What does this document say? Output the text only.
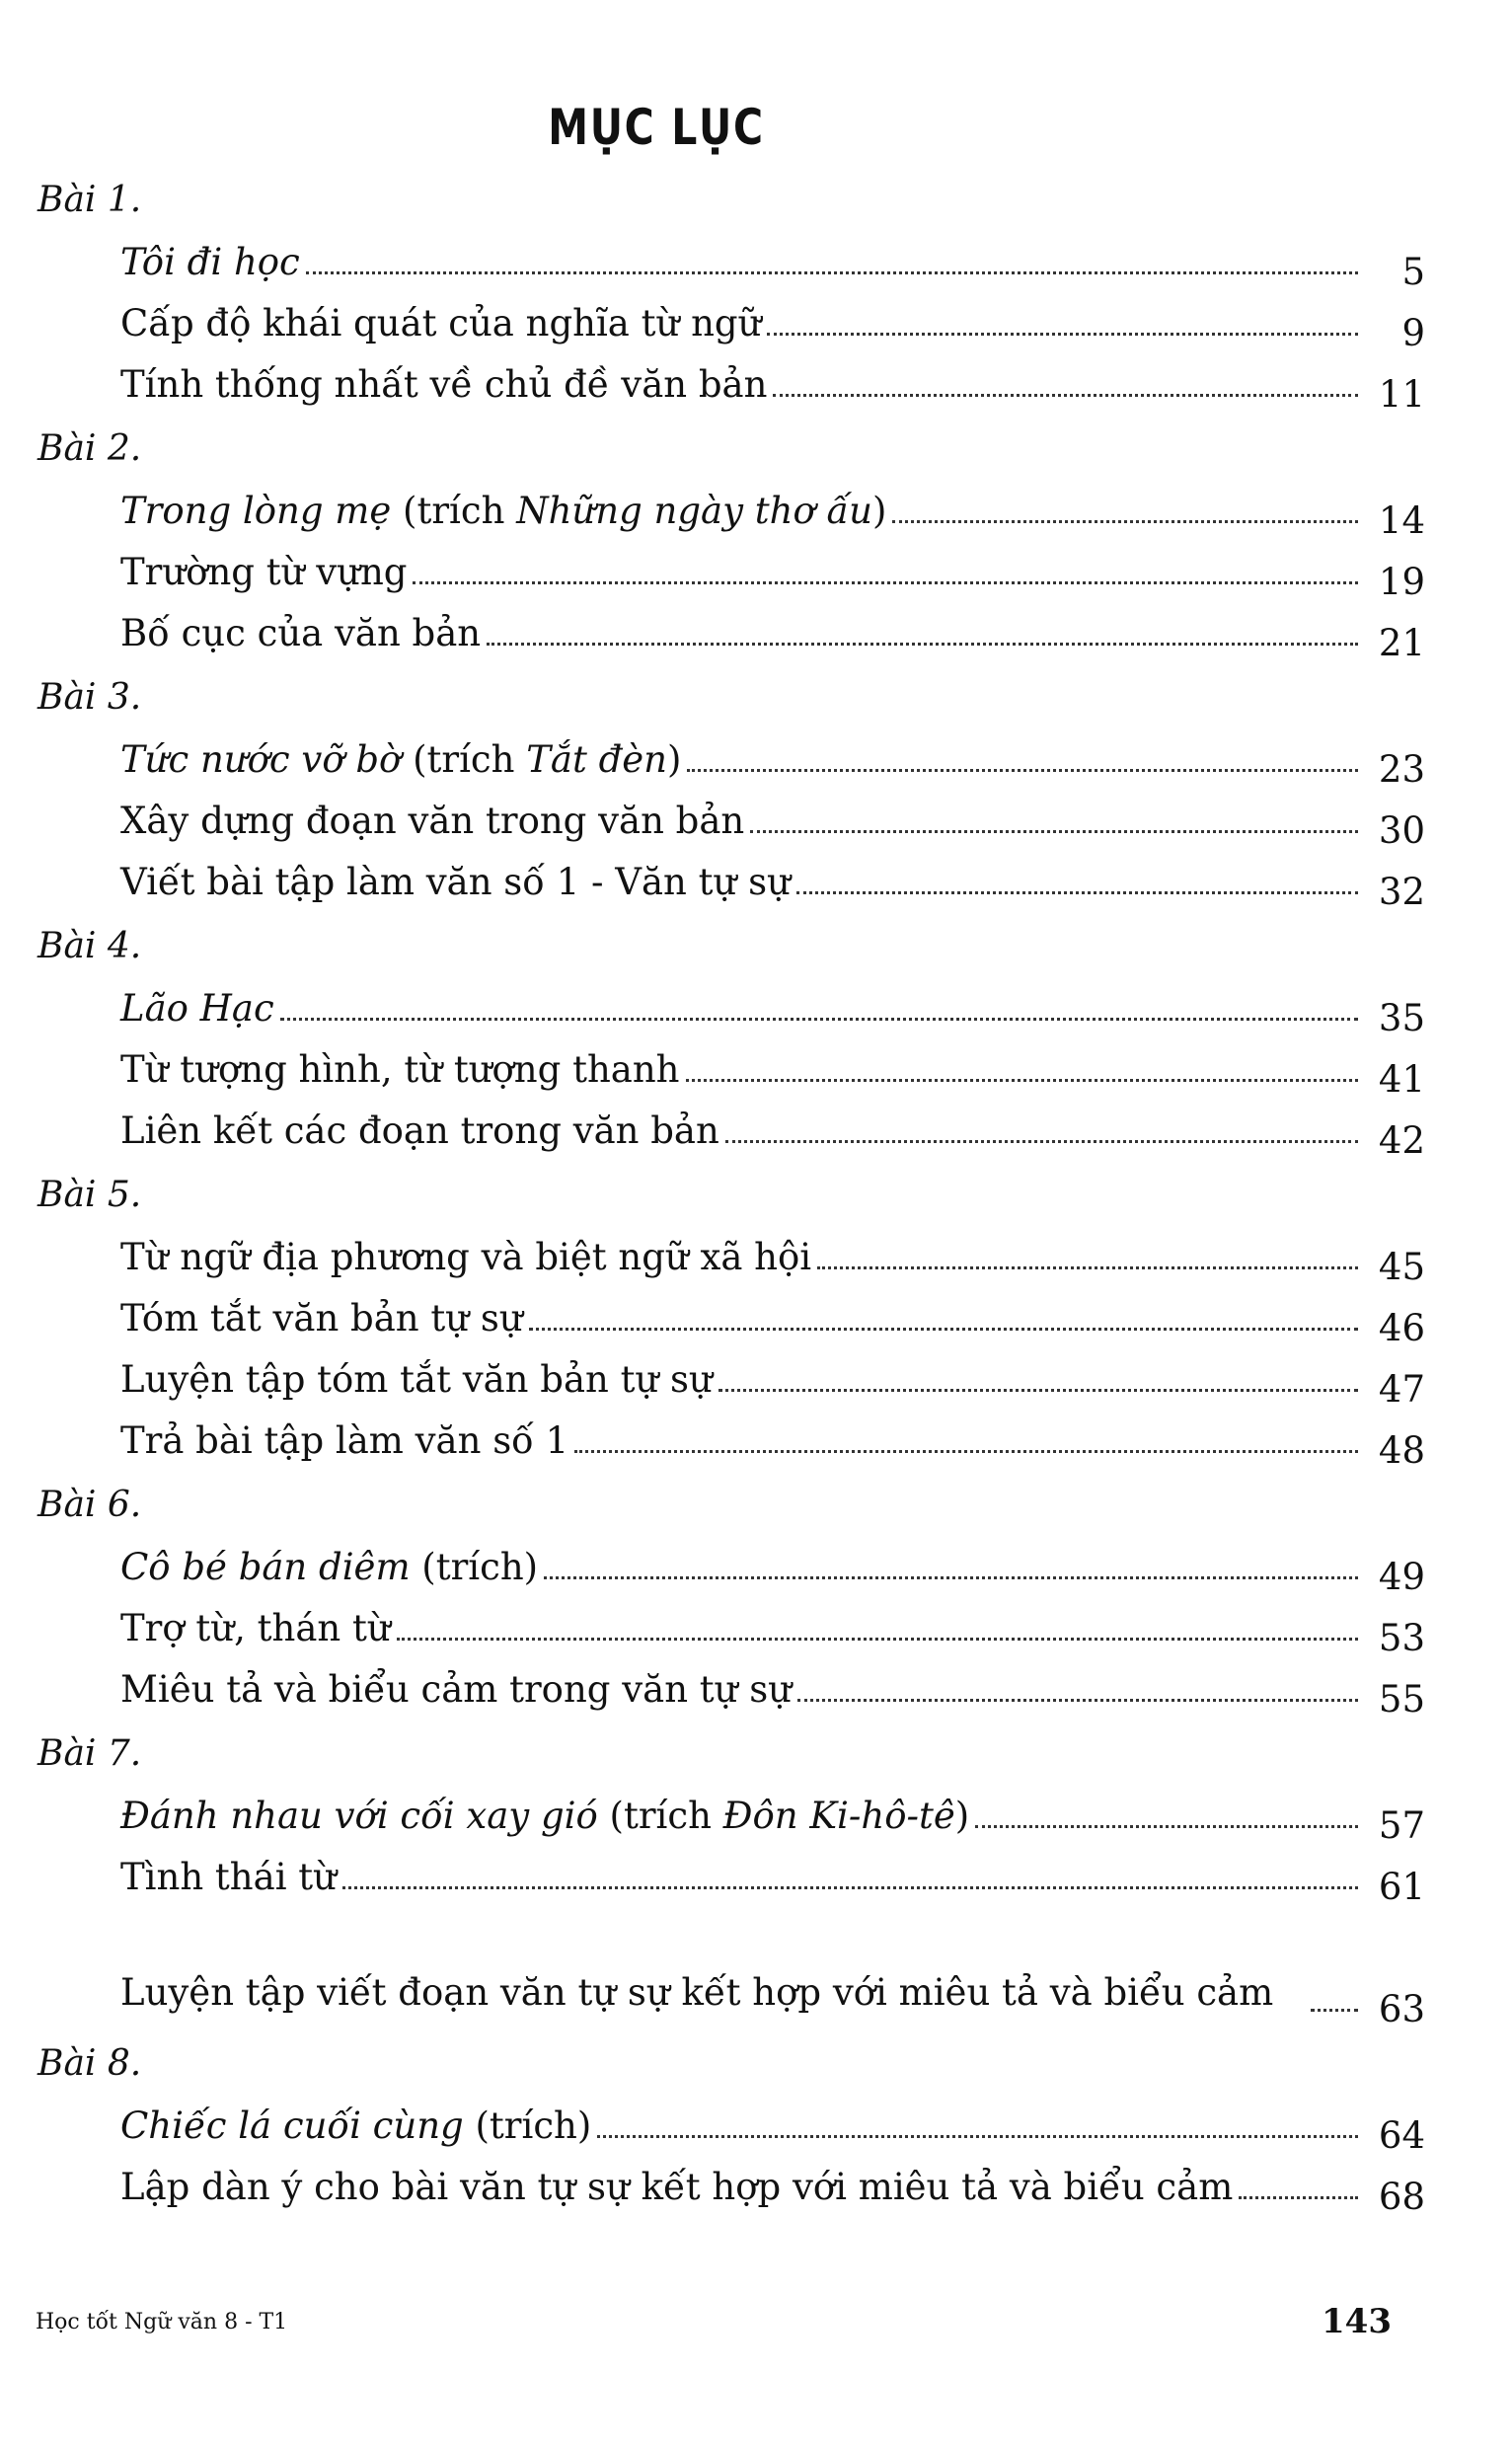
MỤC LỤC
Bài 1.
Tôi đi học	5
Cấp độ khái quát của nghĩa từ ngữ	9
Tính thống nhất về chủ đề văn bản	11
Bài 2.
Trong lòng mẹ (trích Những ngày thơ ấu)	14
Trường từ vựng	19
Bố cục của văn bản	21
Bài 3.
Tức nước vỡ bờ (trích Tắt đèn)	23
Xây dựng đoạn văn trong văn bản	30
Viết bài tập làm văn số 1 - Văn tự sự	32
Bài 4.
Lão Hạc	35
Từ tượng hình, từ tượng thanh	41
Liên kết các đoạn trong văn bản	42
Bài 5.
Từ ngữ địa phương và biệt ngữ xã hội	45
Tóm tắt văn bản tự sự	46
Luyện tập tóm tắt văn bản tự sự	47
Trả bài tập làm văn số 1	48
Bài 6.
Cô bé bán diêm (trích)	49
Trợ từ, thán từ	53
Miêu tả và biểu cảm trong văn tự sự	55
Bài 7.
Đánh nhau với cối xay gió (trích Đôn Ki-hô-tê)	57
Tình thái từ	61
Luyện tập viết đoạn văn tự sự kết hợp với miêu tả và biểu cảm	63
Bài 8.
Chiếc lá cuối cùng (trích)	64
Lập dàn ý cho bài văn tự sự kết hợp với miêu tả và biểu cảm	68
Học tốt Ngữ văn 8 - T1	143
